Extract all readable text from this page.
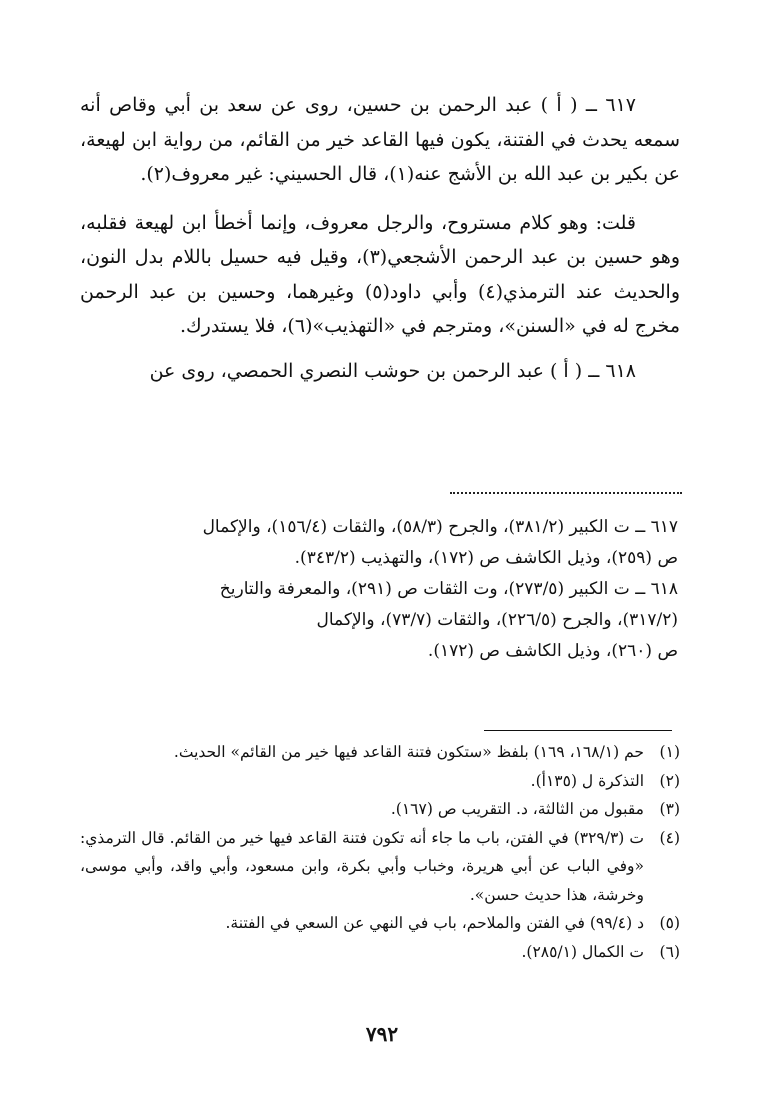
٦١٧ ــ ( أ ) عبد الرحمن بن حسين، روى عن سعد بن أبي وقاص أنه سمعه يحدث في الفتنة، يكون فيها القاعد خير من القائم، من رواية ابن لهيعة، عن بكير بن عبد الله بن الأشج عنه(١)، قال الحسيني: غير معروف(٢).

قلت: وهو كلام مستروح، والرجل معروف، وإنما أخطأ ابن لهيعة فقلبه، وهو حسين بن عبد الرحمن الأشجعي(٣)، وقيل فيه حسيل باللام بدل النون، والحديث عند الترمذي(٤) وأبي داود(٥) وغيرهما، وحسين بن عبد الرحمن مخرج له في «السنن»، ومترجم في «التهذيب»(٦)، فلا يستدرك.

٦١٨ ــ ( أ ) عبد الرحمن بن حوشب النصري الحمصي، روى عن

٦١٧ ــ ت الكبير (٣٨١/٢)، والجرح (٥٨/٣)، والثقات (١٥٦/٤)، والإكمال
ص (٢٥٩)، وذيل الكاشف ص (١٧٢)، والتهذيب (٣٤٣/٢).

٦١٨ ــ ت الكبير (٢٧٣/٥)، وت الثقات ص (٢٩١)، والمعرفة والتاريخ
(٣١٧/٢)، والجرح (٢٢٦/٥)، والثقات (٧٣/٧)، والإكمال
ص (٢٦٠)، وذيل الكاشف ص (١٧٢).

(١)
حم (١٦٨/١، ١٦٩) بلفظ «ستكون فتنة القاعد فيها خير من القائم» الحديث.
(٢)
التذكرة ل (١٣٥أ).
(٣)
مقبول من الثالثة، د. التقريب ص (١٦٧).
(٤)
ت (٣٢٩/٣) في الفتن، باب ما جاء أنه تكون فتنة القاعد فيها خير من القائم. قال الترمذي: «وفي الباب عن أبي هريرة، وخباب وأبي بكرة، وابن مسعود، وأبي واقد، وأبي موسى، وخرشة، هذا حديث حسن».
(٥)
د (٩٩/٤) في الفتن والملاحم، باب في النهي عن السعي في الفتنة.
(٦)
ت الكمال (٢٨٥/١).
٧٩٢
